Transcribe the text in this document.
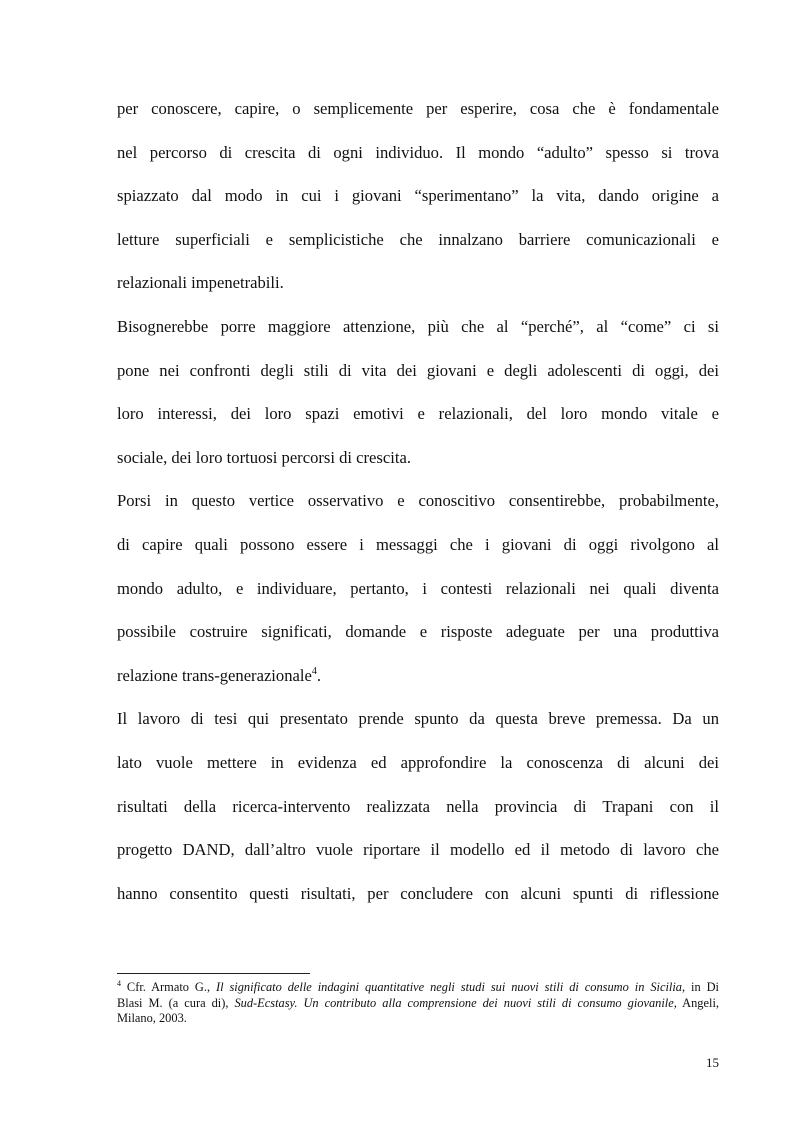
per conoscere, capire, o semplicemente per esperire, cosa che è fondamentale
nel percorso di crescita di ogni individuo. Il mondo “adulto” spesso si trova
spiazzato dal modo in cui i giovani “sperimentano” la vita, dando origine a
letture superficiali e semplicistiche che innalzano barriere comunicazionali e
relazionali impenetrabili.
Bisognerebbe porre maggiore attenzione, più che al “perché”, al “come” ci si
pone nei confronti degli stili di vita dei giovani e degli adolescenti di oggi, dei
loro interessi, dei loro spazi emotivi e relazionali, del loro mondo vitale e
sociale, dei loro tortuosi percorsi di crescita.
Porsi in questo vertice osservativo e conoscitivo consentirebbe, probabilmente,
di capire quali possono essere i messaggi che i giovani di oggi rivolgono al
mondo adulto, e individuare, pertanto, i contesti relazionali nei quali diventa
possibile costruire significati, domande e risposte adeguate per una produttiva
relazione trans-generazionale$^4$.
Il lavoro di tesi qui presentato prende spunto da questa breve premessa. Da un
lato vuole mettere in evidenza ed approfondire la conoscenza di alcuni dei
risultati della ricerca-intervento realizzata nella provincia di Trapani con il
progetto DAND, dall’altro vuole riportare il modello ed il metodo di lavoro che
hanno consentito questi risultati, per concludere con alcuni spunti di riflessione
$^4$ Cfr. Armato G., Il significato delle indagini quantitative negli studi sui nuovi stili di consumo in Sicilia, in Di
Blasi M. (a cura di), Sud-Ecstasy. Un contributo alla comprensione dei nuovi stili di consumo giovanile, Angeli,
Milano, 2003.
15
